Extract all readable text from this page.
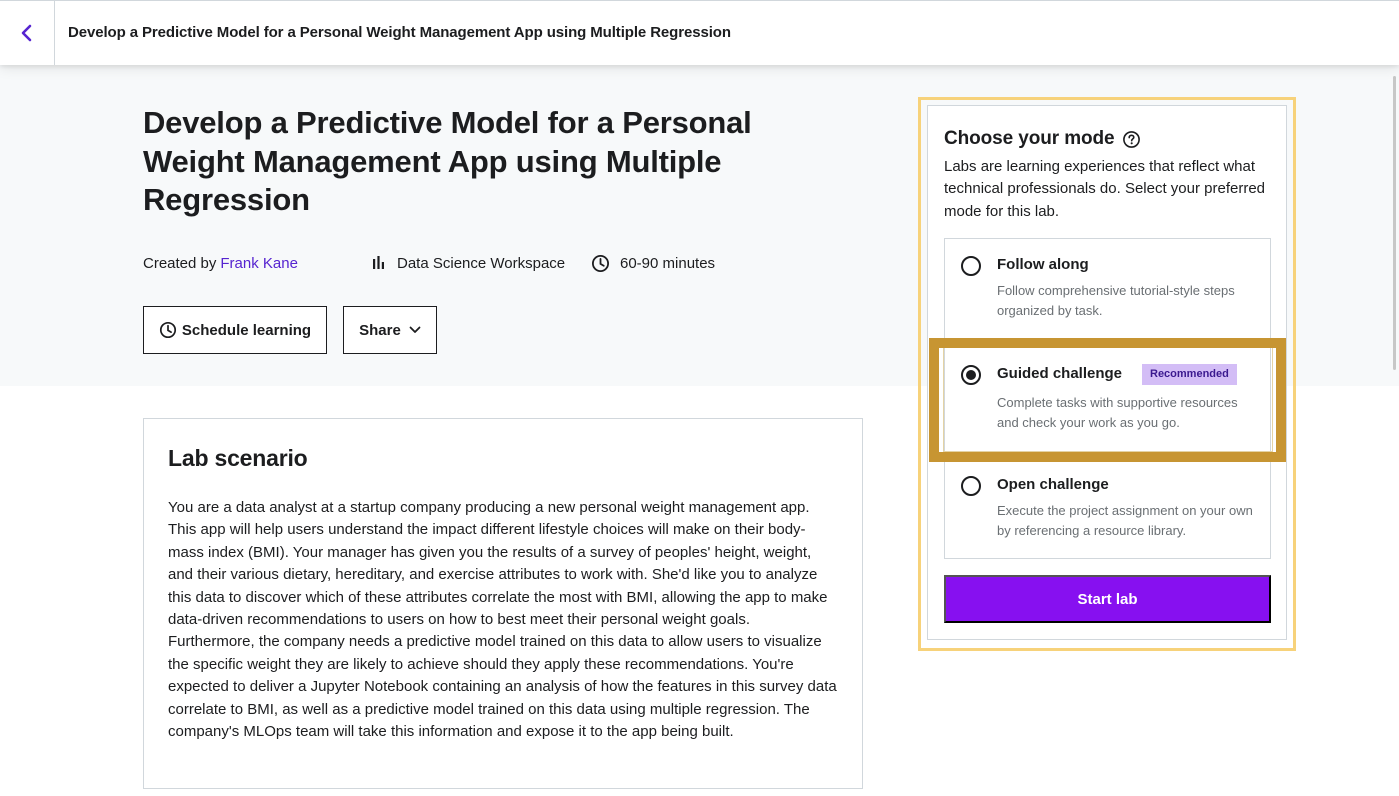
Develop a Predictive Model for a Personal Weight Management App using Multiple Regression
Develop a Predictive Model for a Personal Weight Management App using Multiple Regression
Created by Frank Kane	Data Science Workspace	60-90 minutes
Schedule learning	Share
Lab scenario

You are a data analyst at a startup company producing a new personal weight management app. This app will help users understand the impact different lifestyle choices will make on their body-mass index (BMI). Your manager has given you the results of a survey of peoples' height, weight, and their various dietary, hereditary, and exercise attributes to work with. She'd like you to analyze this data to discover which of these attributes correlate the most with BMI, allowing the app to make data-driven recommendations to users on how to best meet their personal weight goals. Furthermore, the company needs a predictive model trained on this data to allow users to visualize the specific weight they are likely to achieve should they apply these recommendations. You're expected to deliver a Jupyter Notebook containing an analysis of how the features in this survey data correlate to BMI, as well as a predictive model trained on this data using multiple regression. The company's MLOps team will take this information and expose it to the app being built.

Choose your mode
Labs are learning experiences that reflect what technical professionals do. Select your preferred mode for this lab.
Follow along
Follow comprehensive tutorial-style steps organized by task.
Guided challenge	Recommended
Complete tasks with supportive resources and check your work as you go.
Open challenge
Execute the project assignment on your own by referencing a resource library.
Start lab
